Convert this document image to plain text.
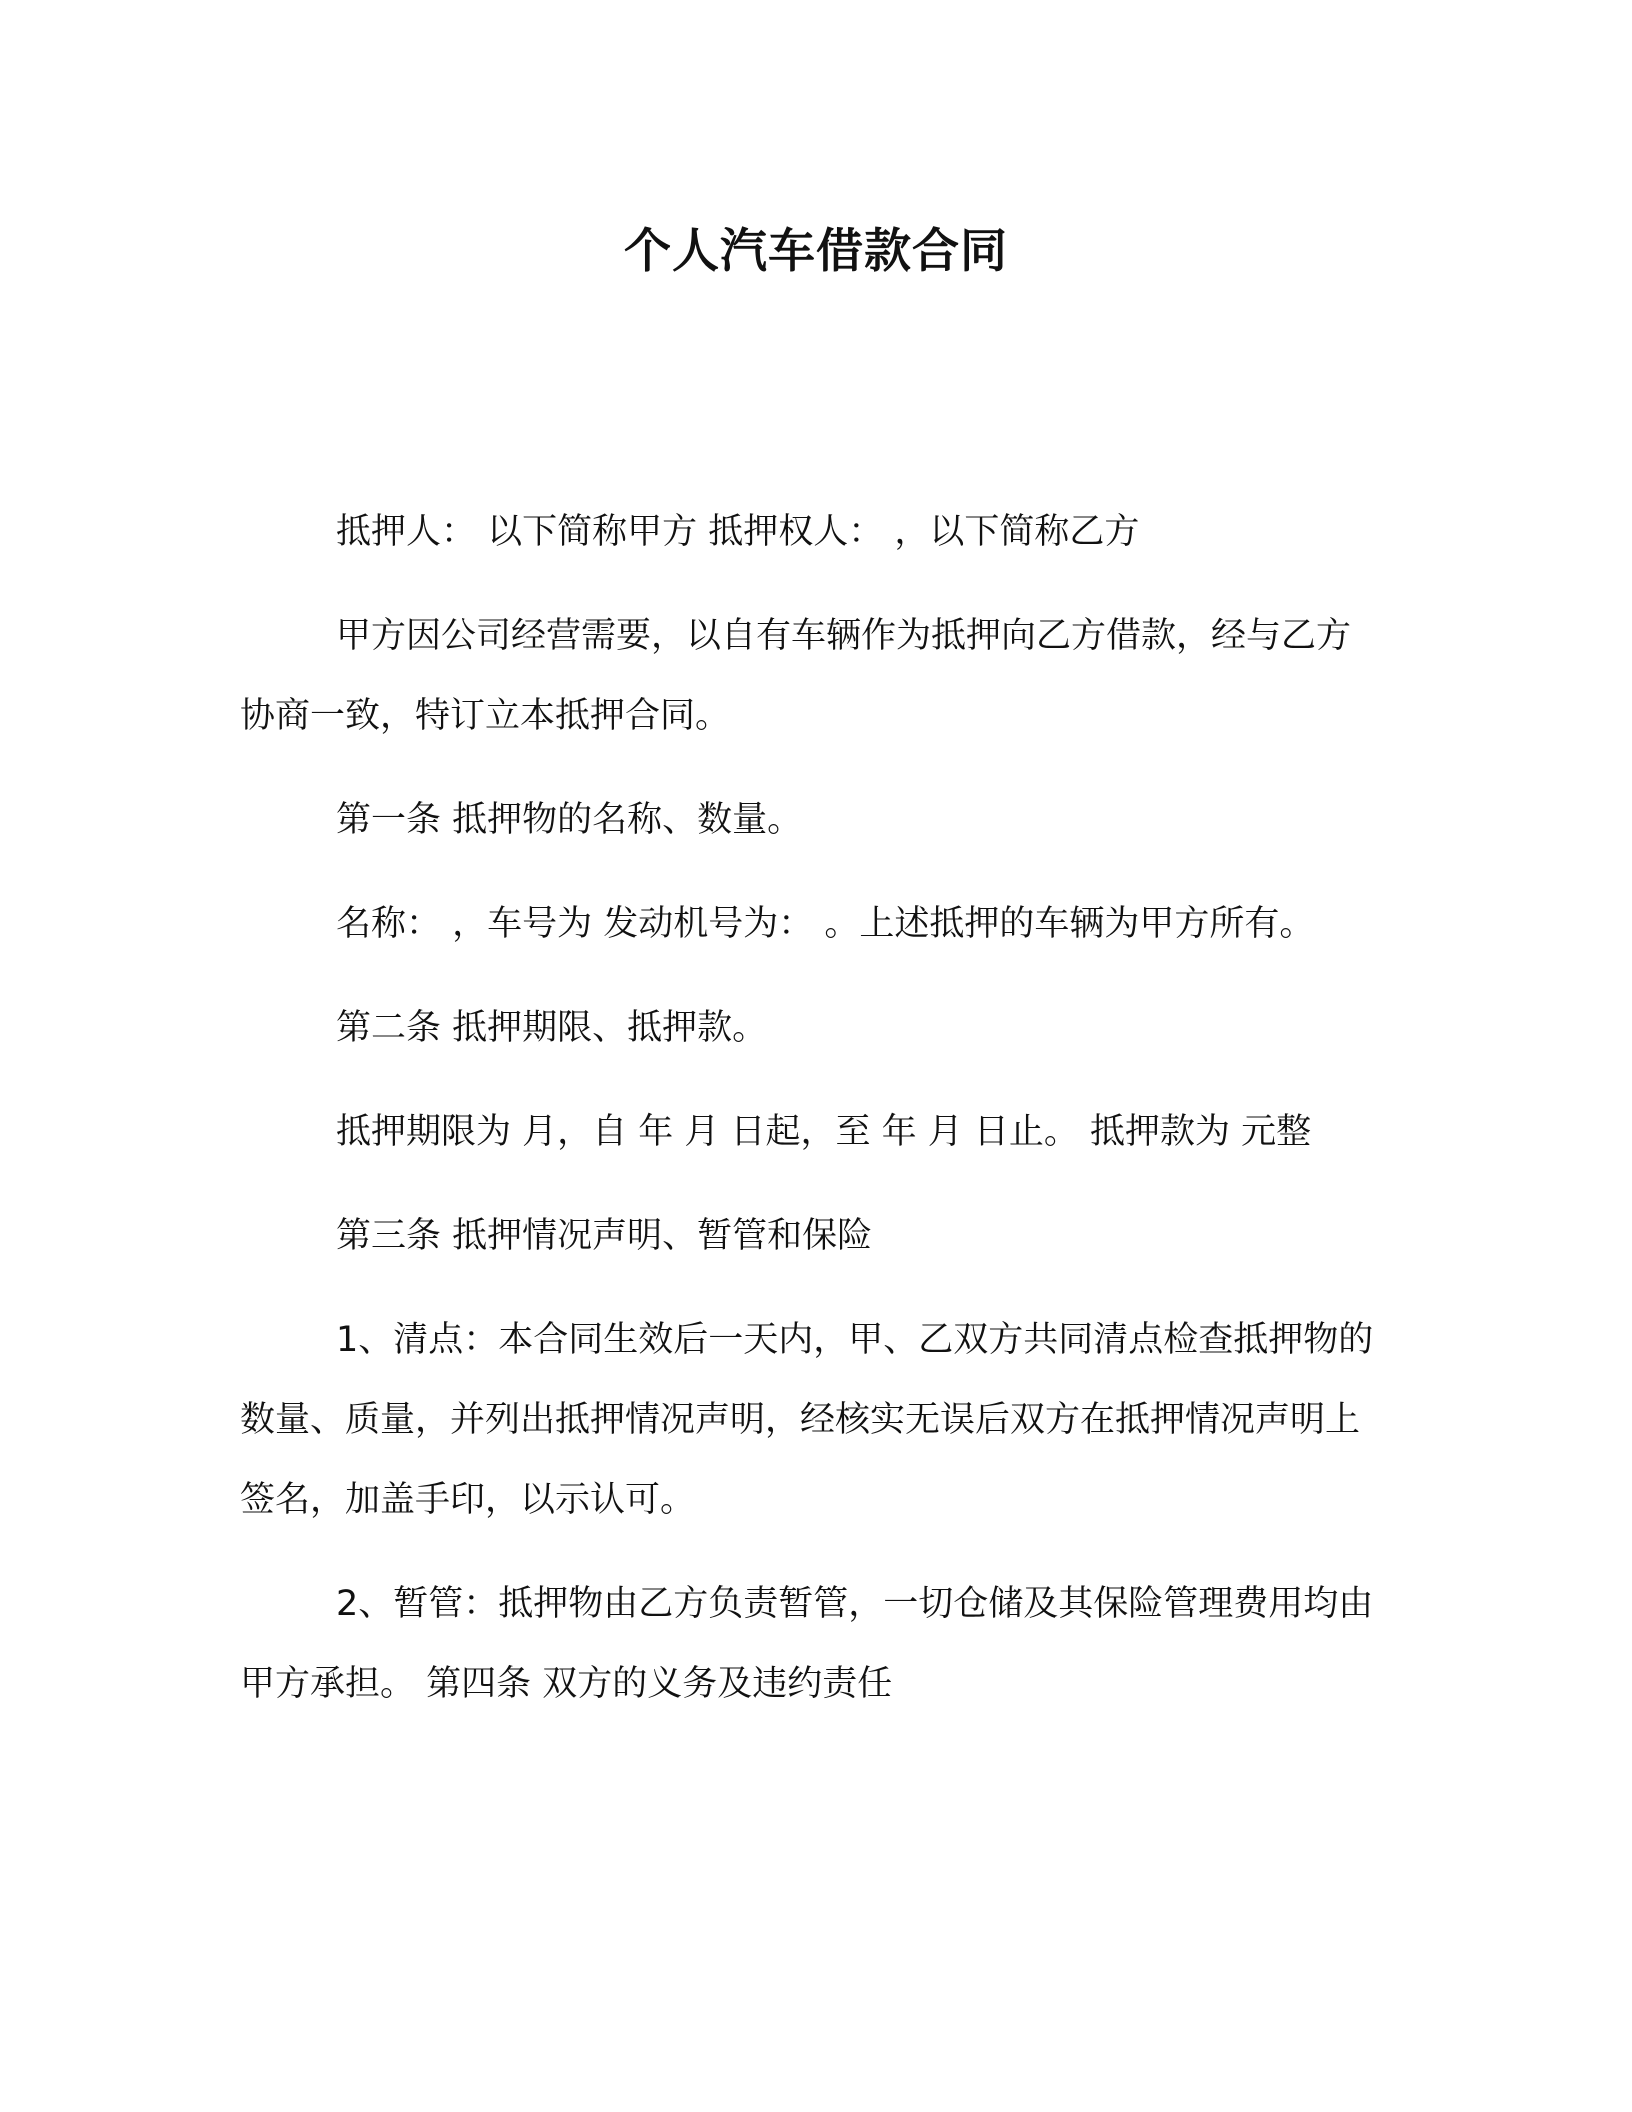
个人汽车借款合同

抵押人： 以下简称甲方 抵押权人： ，以下简称乙方

甲方因公司经营需要，以自有车辆作为抵押向乙方借款，经与乙方协商一致，特订立本抵押合同。

第一条 抵押物的名称、数量。

名称： ，车号为 发动机号为： 。上述抵押的车辆为甲方所有。

第二条 抵押期限、抵押款。

抵押期限为 月，自 年 月 日起，至 年 月 日止。 抵押款为 元整

第三条 抵押情况声明、暂管和保险

1、清点：本合同生效后一天内，甲、乙双方共同清点检查抵押物的数量、质量，并列出抵押情况声明，经核实无误后双方在抵押情况声明上签名，加盖手印，以示认可。

2、暂管：抵押物由乙方负责暂管，一切仓储及其保险管理费用均由甲方承担。 第四条 双方的义务及违约责任
